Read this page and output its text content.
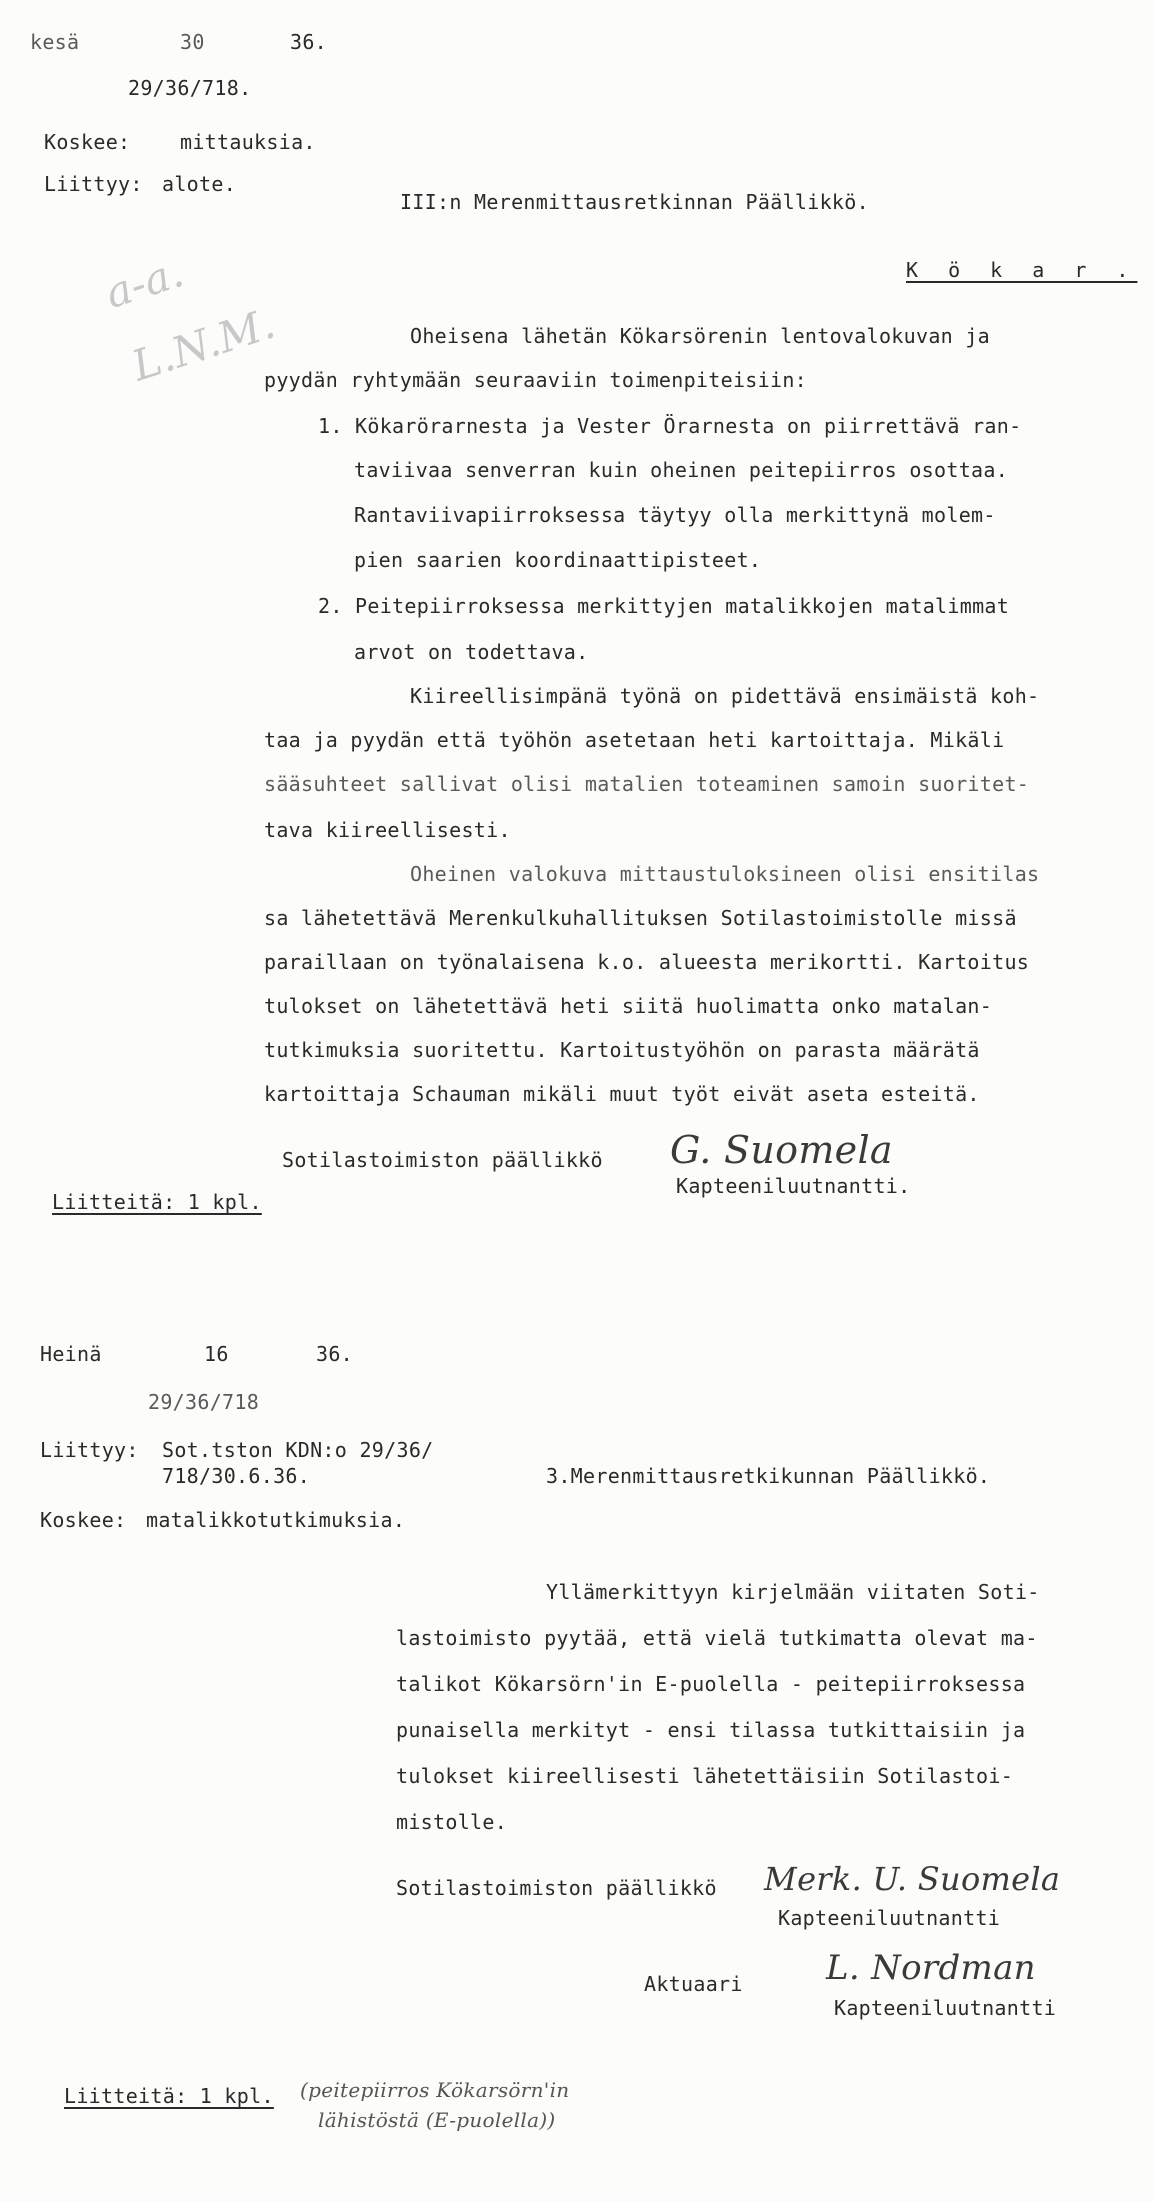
kesä	30	36.
29/36/718.
Koskee: mittauksia.
Liittyy: alote.
III:n Merenmittausretkinnan Päällikkö.
K ö k a r .
a-a.
L.N.M.	Oheisena lähetän Kökarsörenin lentovalokuvan ja
pyydän ryhtymään seuraaviin toimenpiteisiin:
1. Kökarörarnesta ja Vester Örarnesta on piirrettävä ran-
taviivaa senverran kuin oheinen peitepiirros osottaa.
Rantaviivapiirroksessa täytyy olla merkittynä molem-
pien saarien koordinaattipisteet.
2. Peitepiirroksessa merkittyjen matalikkojen matalimmat
arvot on todettava.
Kiireellisimpänä työnä on pidettävä ensimäistä koh-
taa ja pyydän että työhön asetetaan heti kartoittaja. Mikäli
sääsuhteet sallivat olisi matalien toteaminen samoin suoritet-
tava kiireellisesti.
Oheinen valokuva mittaustuloksineen olisi ensitilas
sa lähetettävä Merenkulkuhallituksen Sotilastoimistolle missä
paraillaan on työnalaisena k.o. alueesta merikortti. Kartoitus
tulokset on lähetettävä heti siitä huolimatta onko matalan-
tutkimuksia suoritettu. Kartoitustyöhön on parasta määrätä
kartoittaja Schauman mikäli muut työt eivät aseta esteitä.
Sotilastoimiston päällikkö G. Suomela
Kapteeniluutnantti.
Liitteitä: 1 kpl.
Heinä	16	36.
29/36/718
Liittyy: Sot.tston KDN:o 29/36/
718/30.6.36.	3.Merenmittausretkikunnan Päällikkö.
Koskee: matalikkotutkimuksia.
Yllämerkittyyn kirjelmään viitaten Soti-
lastoimisto pyytää, että vielä tutkimatta olevat ma-
talikot Kökarsörn'in E-puolella - peitepiirroksessa
punaisella merkityt - ensi tilassa tutkittaisiin ja
tulokset kiireellisesti lähetettäisiin Sotilastoi-
mistolle.
Sotilastoimiston päällikkö Merk. U. Suomela
Kapteeniluutnantti
Aktuaari L. Nordman
Kapteeniluutnantti
Liitteitä: 1 kpl. (peitepiirros Kökarsörn'in
lähistöstä (E-puolella))
